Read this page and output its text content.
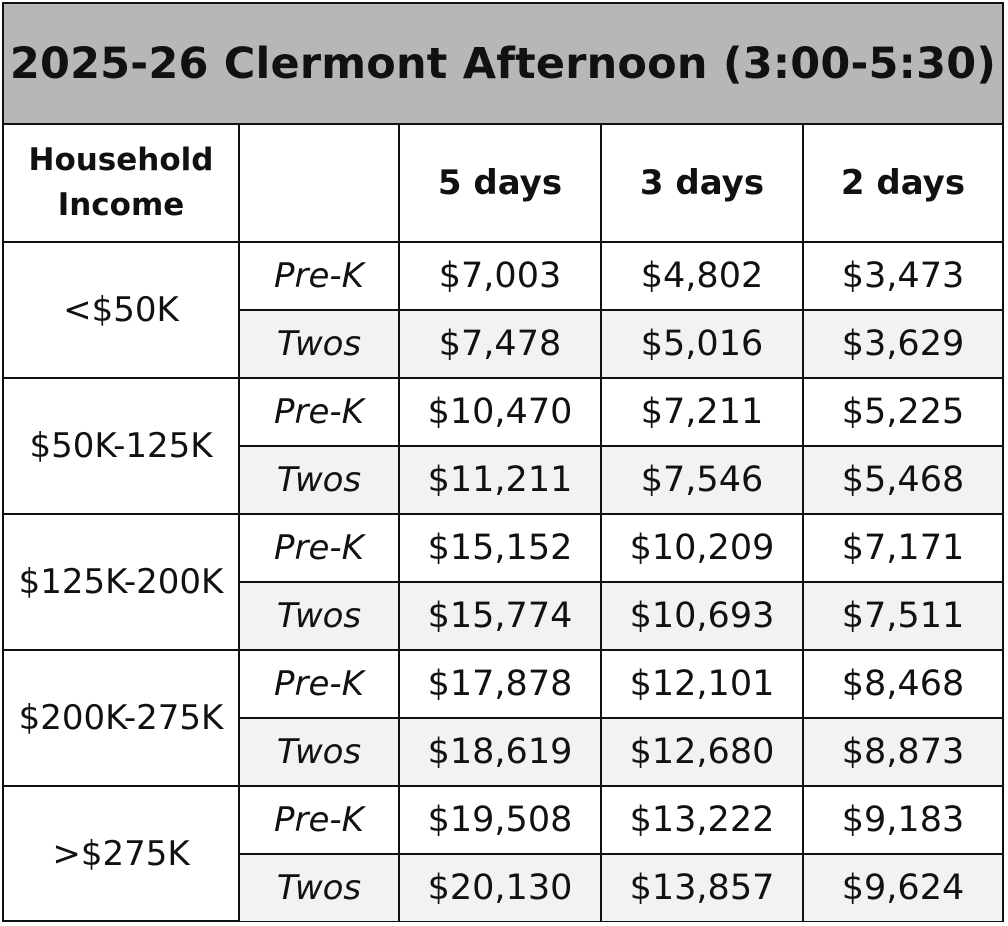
2025-26 Clermont Afternoon (3:00-5:30)
Household
Income		5 days	3 days	2 days
<$50K	Pre-K	$7,003	$4,802	$3,473
	Twos	$7,478	$5,016	$3,629
$50K-125K	Pre-K	$10,470	$7,211	$5,225
	Twos	$11,211	$7,546	$5,468
$125K-200K	Pre-K	$15,152	$10,209	$7,171
	Twos	$15,774	$10,693	$7,511
$200K-275K	Pre-K	$17,878	$12,101	$8,468
	Twos	$18,619	$12,680	$8,873
>$275K	Pre-K	$19,508	$13,222	$9,183
	Twos	$20,130	$13,857	$9,624
